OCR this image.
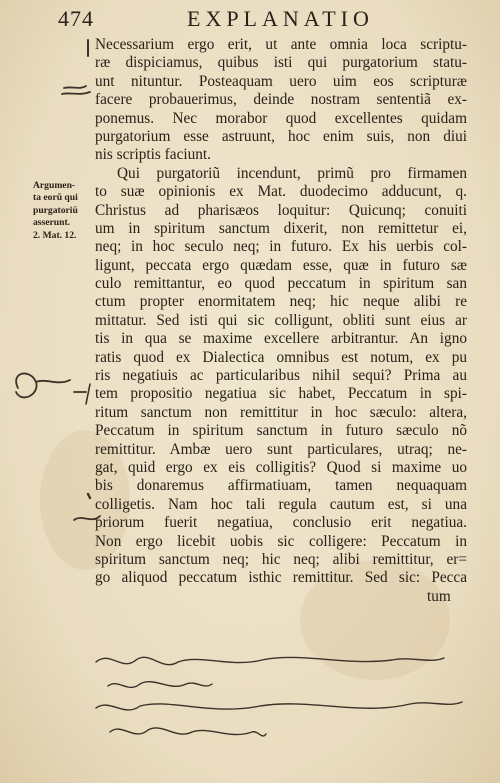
474	EXPLANATIO
Argumen-
ta eorũ qui
purgatoriũ
asserunt.
2. Mat. 12.
Necessarium ergo erit, ut ante omnia loca scriptu-
ræ dispiciamus, quibus isti qui purgatorium statu-
unt nituntur. Posteaquam uero uim eos scripturæ
facere probauerimus, deinde nostram sententiã ex-
ponemus. Nec morabor quod excellentes quidam
purgatorium esse astruunt, hoc enim suis, non diui
nis scriptis faciunt.
Qui purgatoriũ incendunt, primũ pro firmamen
to suæ opinionis ex Mat. duodecimo adducunt, q.
Christus ad pharisæos loquitur: Quicunq; conuiti
um in spiritum sanctum dixerit, non remittetur ei,
neq; in hoc seculo neq; in futuro. Ex his uerbis col-
ligunt, peccata ergo quædam esse, quæ in futuro sæ
culo remittantur, eo quod peccatum in spiritum san
ctum propter enormitatem neq; hic neque alibi re
mittatur. Sed isti qui sic colligunt, obliti sunt eius ar
tis in qua se maxime excellere arbitrantur. An igno
ratis quod ex Dialectica omnibus est notum, ex pu
ris negatiuis ac particularibus nihil sequi? Prima au
tem propositio negatiua sic habet, Peccatum in spi-
ritum sanctum non remittitur in hoc sæculo: altera,
Peccatum in spiritum sanctum in futuro sæculo nõ
remittitur. Ambæ uero sunt particulares, utraq; ne-
gat, quid ergo ex eis colligitis? Quod si maxime uo
bis donaremus affirmatiuam, tamen nequaquam
colligetis. Nam hoc tali regula cautum est, si una
priorum fuerit negatiua, conclusio erit negatiua.
Non ergo licebit uobis sic colligere: Peccatum in
spiritum sanctum neq; hic neq; alibi remittitur, er=
go aliquod peccatum isthic remittitur. Sed sic: Pecca
tum
